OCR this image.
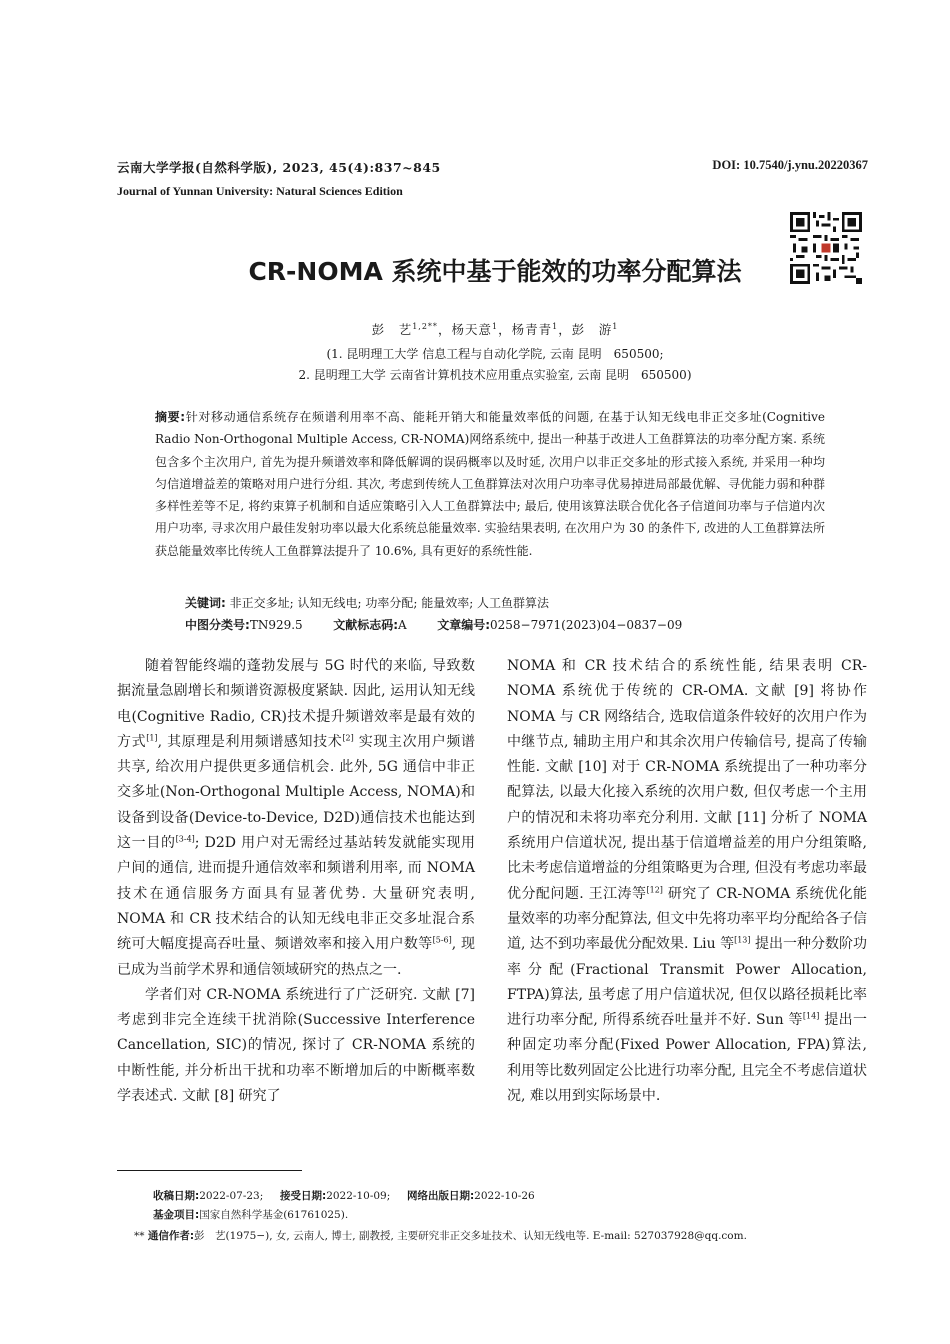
云南大学学报(自然科学版), 2023, 45(4):837~845
Journal of Yunnan University: Natural Sciences Edition
DOI: 10.7540/j.ynu.20220367
CR-NOMA 系统中基于能效的功率分配算法
彭　艺$^{1,2**}$，杨天意$^1$，杨青青$^1$，彭　游$^1$
(1. 昆明理工大学 信息工程与自动化学院, 云南 昆明　650500;
2. 昆明理工大学 云南省计算机技术应用重点实验室, 云南 昆明　650500)
摘要:针对移动通信系统存在频谱利用率不高、能耗开销大和能量效率低的问题, 在基于认知无线电非正交多址(Cognitive Radio Non-Orthogonal Multiple Access, CR-NOMA)网络系统中, 提出一种基于改进人工鱼群算法的功率分配方案. 系统包含多个主次用户, 首先为提升频谱效率和降低解调的误码概率以及时延, 次用户以非正交多址的形式接入系统, 并采用一种均匀信道增益差的策略对用户进行分组. 其次, 考虑到传统人工鱼群算法对次用户功率寻优易掉进局部最优解、寻优能力弱和种群多样性差等不足, 将约束算子机制和自适应策略引入人工鱼群算法中; 最后, 使用该算法联合优化各子信道间功率与子信道内次用户功率, 寻求次用户最佳发射功率以最大化系统总能量效率. 实验结果表明, 在次用户为 30 的条件下, 改进的人工鱼群算法所获总能量效率比传统人工鱼群算法提升了 10.6%, 具有更好的系统性能.
关键词: 非正交多址; 认知无线电; 功率分配; 能量效率; 人工鱼群算法
中图分类号:TN929.5	文献标志码:A	文章编号:0258−7971(2023)04−0837−09

随着智能终端的蓬勃发展与 5G 时代的来临, 导致数据流量急剧增长和频谱资源极度紧缺. 因此, 运用认知无线电(Cognitive Radio, CR)技术提升频谱效率是最有效的方式[1], 其原理是利用频谱感知技术[2] 实现主次用户频谱共享, 给次用户提供更多通信机会. 此外, 5G 通信中非正交多址(Non-Orthogonal Multiple Access, NOMA)和设备到设备(Device-to-Device, D2D)通信技术也能达到这一目的[3-4]; D2D 用户对无需经过基站转发就能实现用户间的通信, 进而提升通信效率和频谱利用率, 而 NOMA 技术在通信服务方面具有显著优势. 大量研究表明, NOMA 和 CR 技术结合的认知无线电非正交多址混合系统可大幅度提高吞吐量、频谱效率和接入用户数等[5-6], 现已成为当前学术界和通信领域研究的热点之一.

学者们对 CR-NOMA 系统进行了广泛研究. 文献 [7] 考虑到非完全连续干扰消除(Successive Interference Cancellation, SIC)的情况, 探讨了 CR-NOMA 系统的中断性能, 并分析出干扰和功率不断增加后的中断概率数学表述式. 文献 [8] 研究了

NOMA 和 CR 技术结合的系统性能, 结果表明 CR-NOMA 系统优于传统的 CR-OMA. 文献 [9] 将协作 NOMA 与 CR 网络结合, 选取信道条件较好的次用户作为中继节点, 辅助主用户和其余次用户传输信号, 提高了传输性能. 文献 [10] 对于 CR-NOMA 系统提出了一种功率分配算法, 以最大化接入系统的次用户数, 但仅考虑一个主用户的情况和未将功率充分利用. 文献 [11] 分析了 NOMA 系统用户信道状况, 提出基于信道增益差的用户分组策略, 比未考虑信道增益的分组策略更为合理, 但没有考虑功率最优分配问题. 王江涛等[12] 研究了 CR-NOMA 系统优化能量效率的功率分配算法, 但文中先将功率平均分配给各子信道, 达不到功率最优分配效果. Liu 等[13] 提出一种分数阶功率分配(Fractional Transmit Power Allocation, FTPA)算法, 虽考虑了用户信道状况, 但仅以路径损耗比率进行功率分配, 所得系统吞吐量并不好. Sun 等[14] 提出一种固定功率分配(Fixed Power Allocation, FPA)算法, 利用等比数列固定公比进行功率分配, 且完全不考虑信道状况, 难以用到实际场景中.

收稿日期:2022-07-23; 接受日期:2022-10-09; 网络出版日期:2022-10-26
基金项目:国家自然科学基金(61761025).
** 通信作者:彭　艺(1975−), 女, 云南人, 博士, 副教授, 主要研究非正交多址技术、认知无线电等. E-mail: 527037928@qq.com.
